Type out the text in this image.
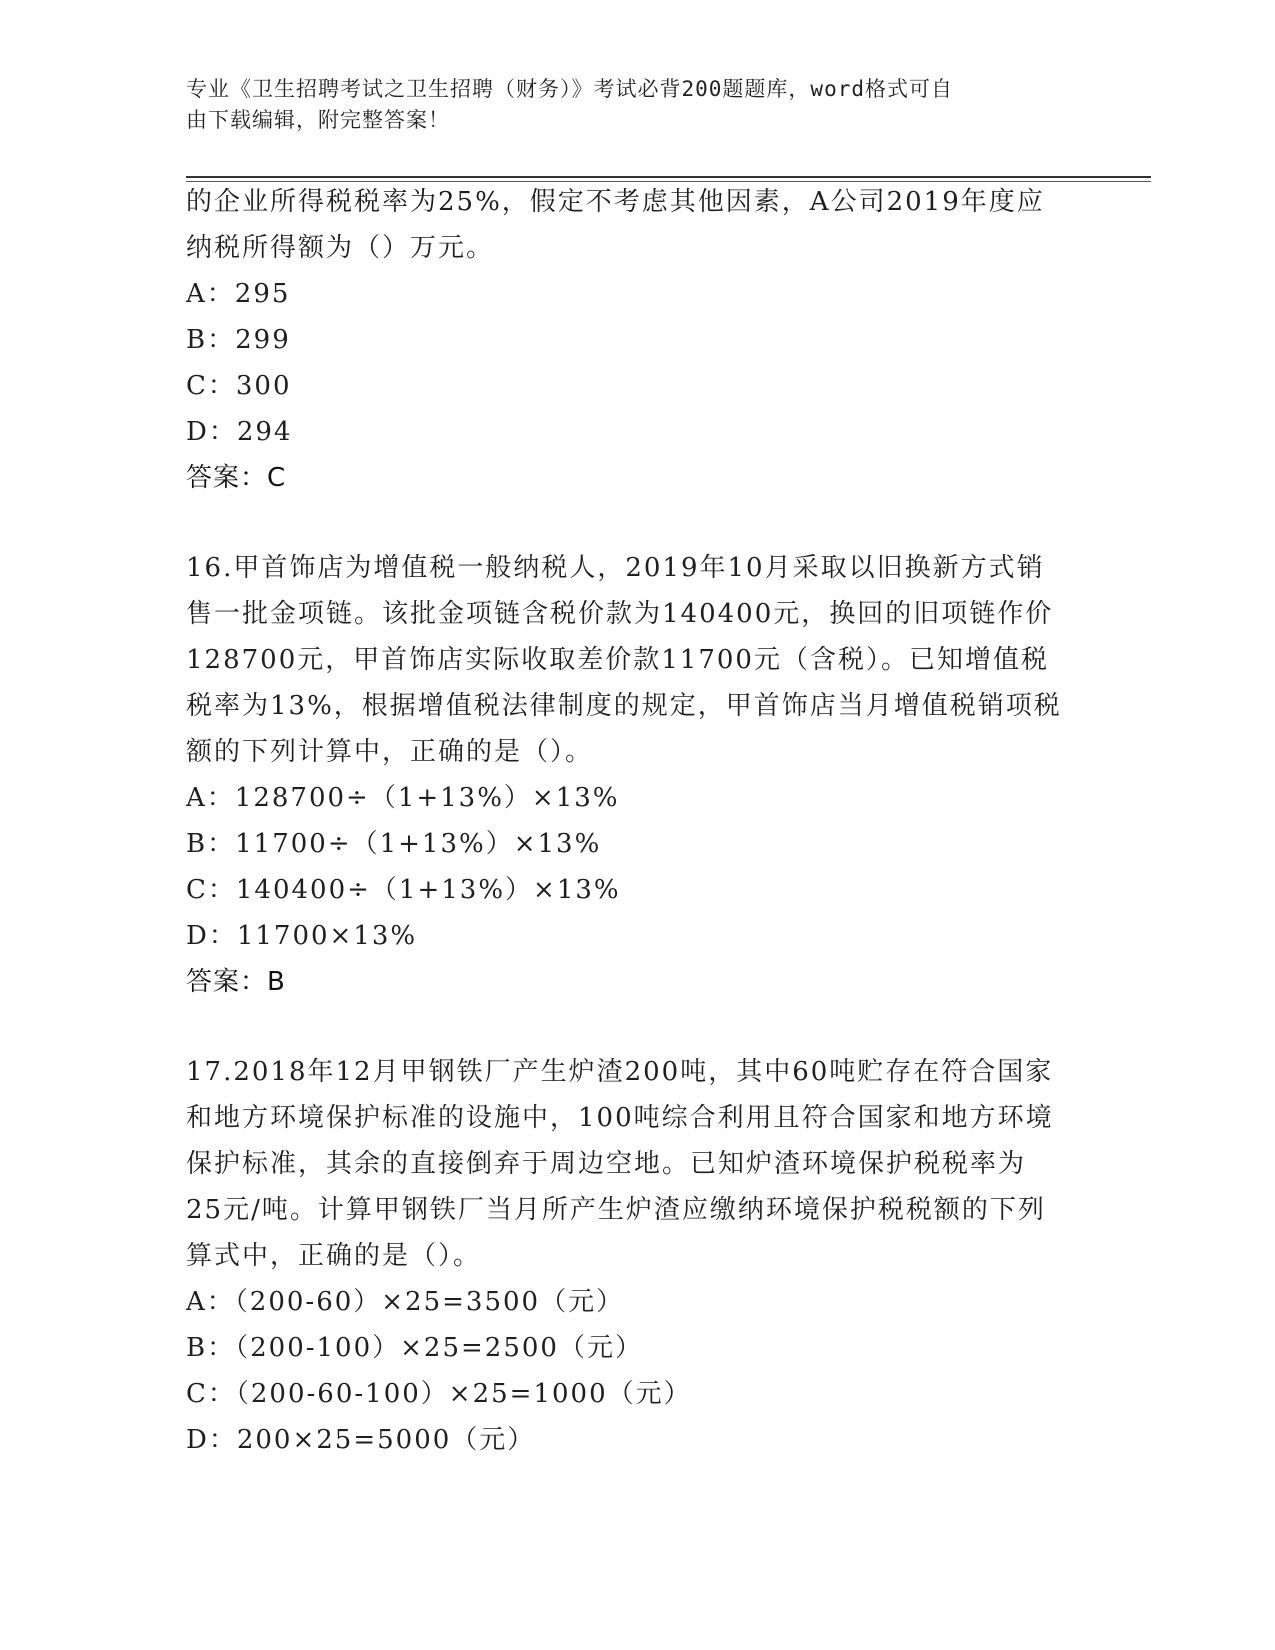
专业《卫生招聘考试之卫生招聘（财务）》考试必背200题题库，word格式可自
由下载编辑，附完整答案！
的企业所得税税率为25%，假定不考虑其他因素，A公司2019年度应
纳税所得额为（）万元。
A：295
B：299
C：300
D：294
答案：C
16.甲首饰店为增值税一般纳税人，2019年10月采取以旧换新方式销
售一批金项链。该批金项链含税价款为140400元，换回的旧项链作价
128700元，甲首饰店实际收取差价款11700元（含税）。已知增值税
税率为13%，根据增值税法律制度的规定，甲首饰店当月增值税销项税
额的下列计算中，正确的是（）。
A：128700÷（1+13%）×13%
B：11700÷（1+13%）×13%
C：140400÷（1+13%）×13%
D：11700×13%
答案：B
17.2018年12月甲钢铁厂产生炉渣200吨，其中60吨贮存在符合国家
和地方环境保护标准的设施中，100吨综合利用且符合国家和地方环境
保护标准，其余的直接倒弃于周边空地。已知炉渣环境保护税税率为
25元/吨。计算甲钢铁厂当月所产生炉渣应缴纳环境保护税税额的下列
算式中，正确的是（）。
A：（200-60）×25=3500（元）
B：（200-100）×25=2500（元）
C：（200-60-100）×25=1000（元）
D：200×25=5000（元）
